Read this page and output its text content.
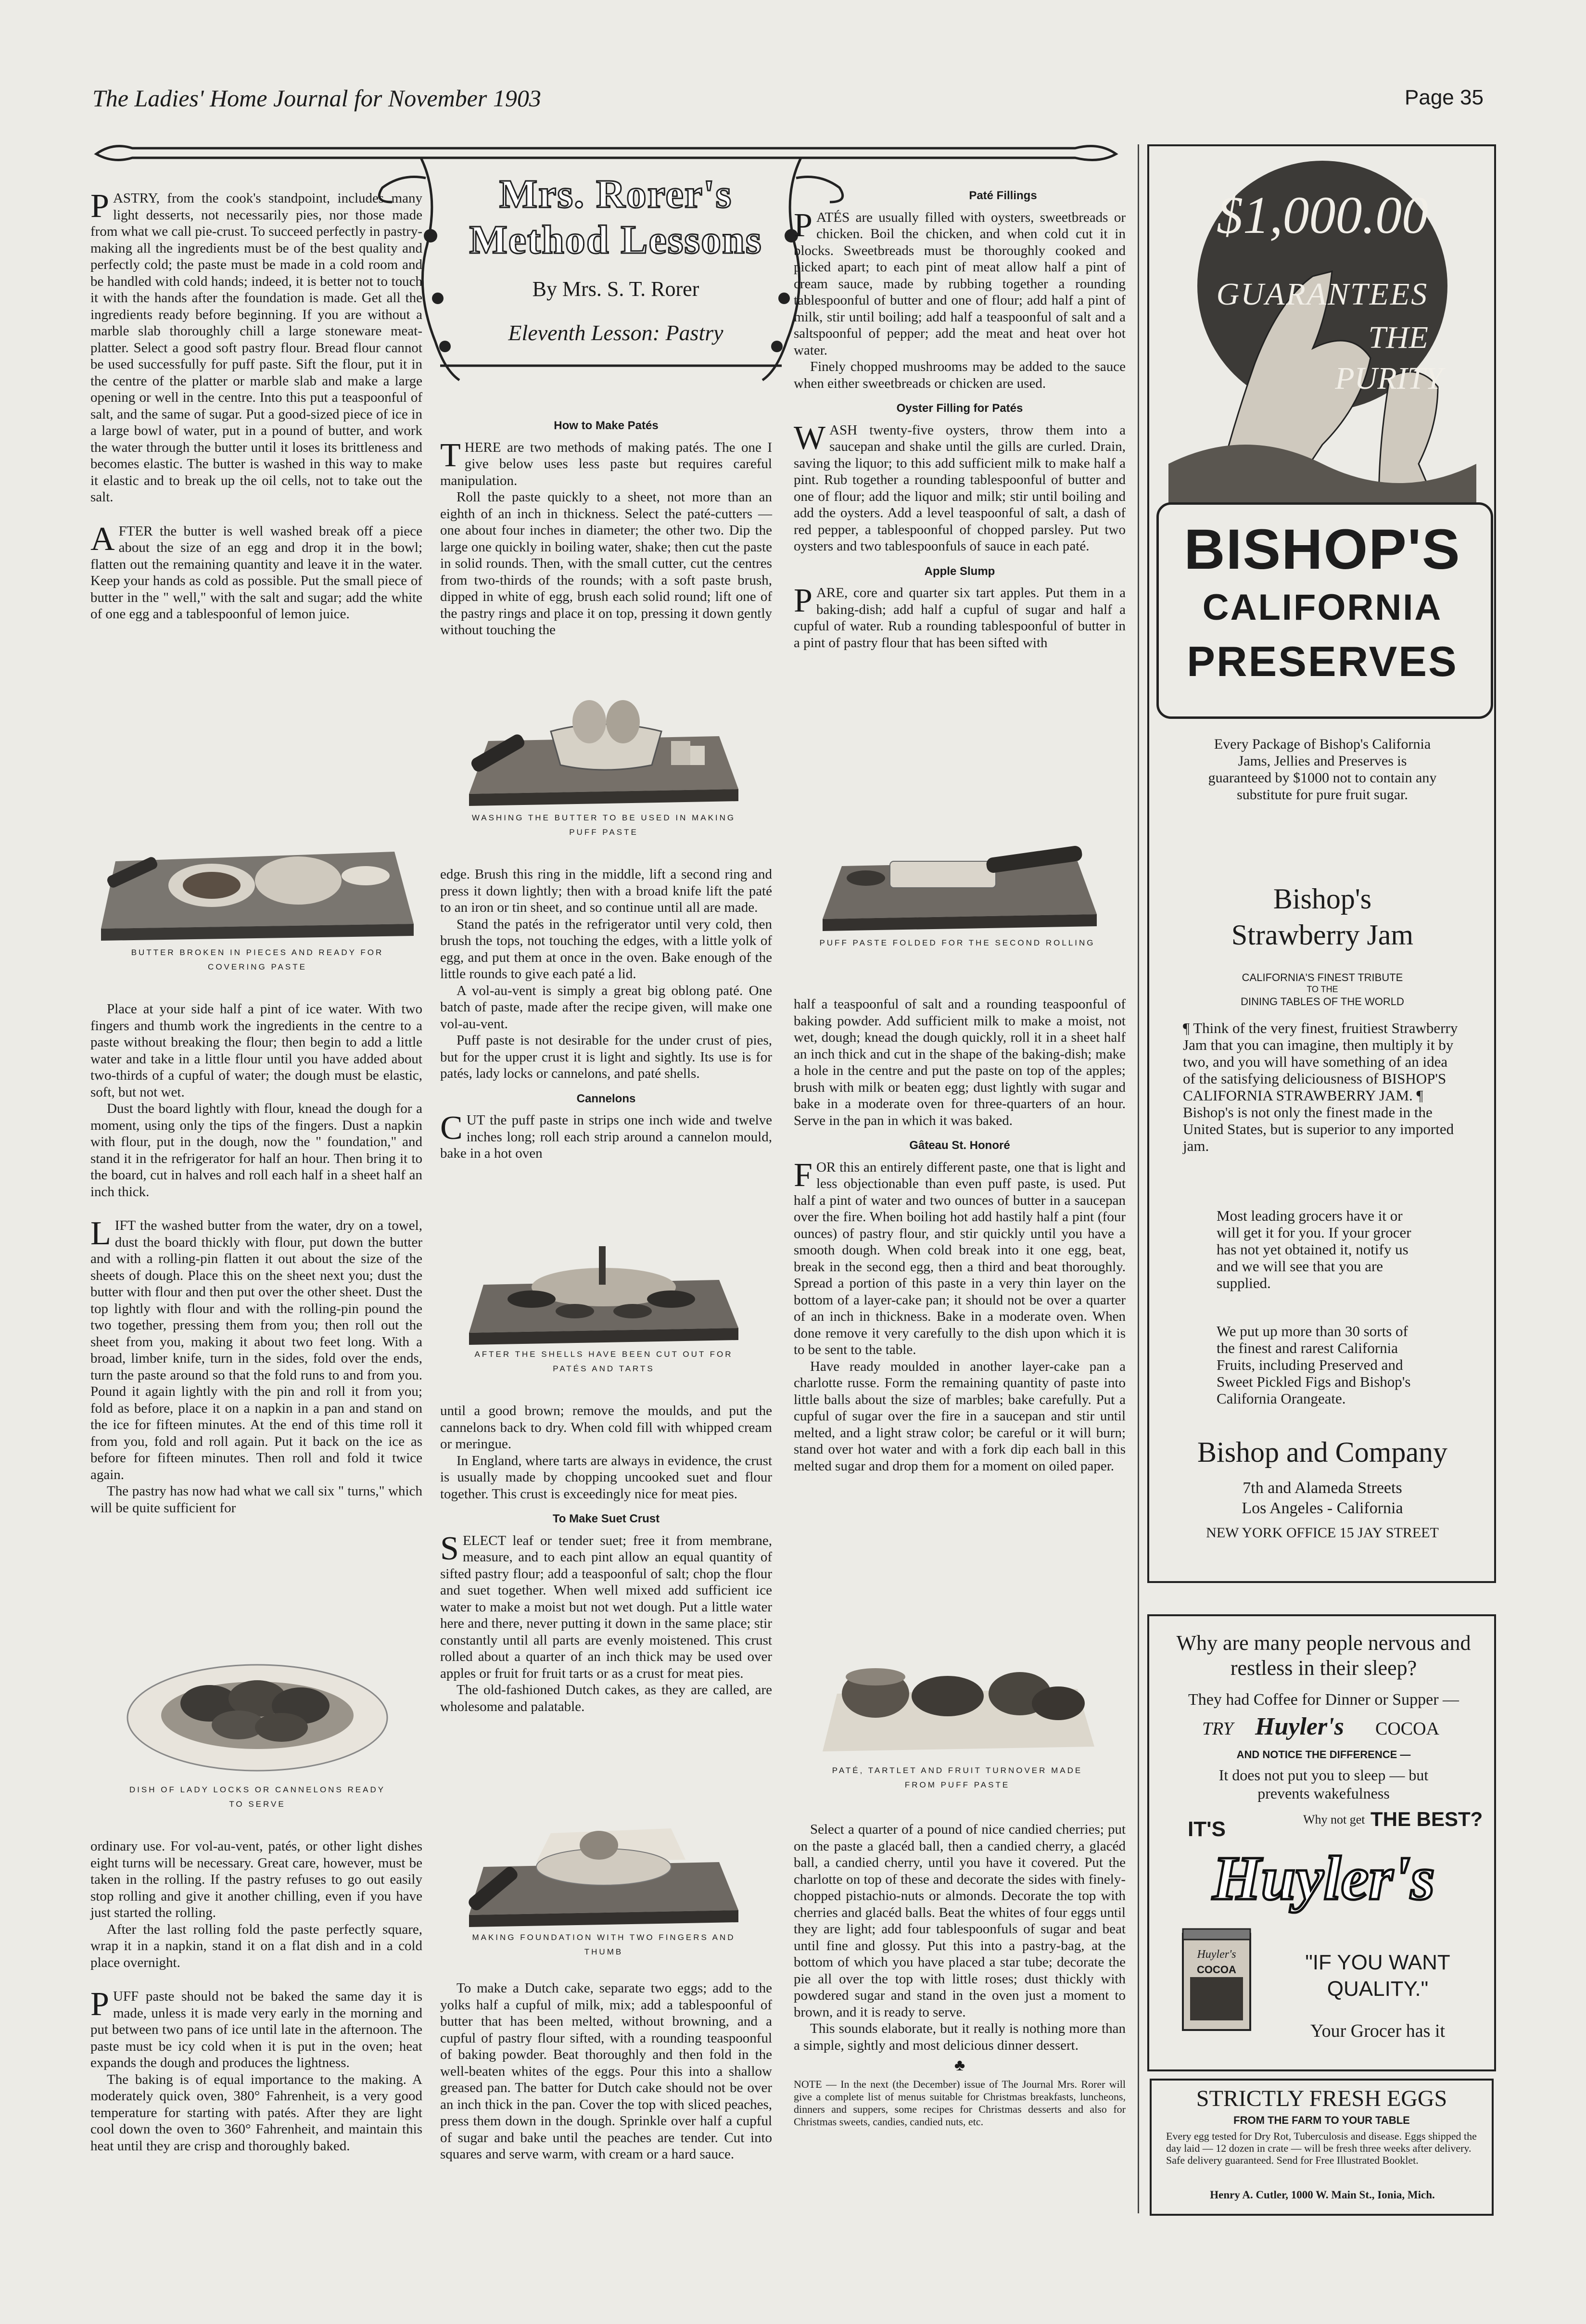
The Ladies' Home Journal for November 1903	Page 35
Mrs. Rorer's
Method Lessons
By Mrs. S. T. Rorer
Eleventh Lesson: Pastry

PASTRY, from the cook's standpoint, includes many light desserts, not necessarily pies, nor those made from what we call pie-crust. To succeed perfectly in pastry-making all the ingredients must be of the best quality and perfectly cold; the paste must be made in a cold room and be handled with cold hands; indeed, it is better not to touch it with the hands after the foundation is made. Get all the ingredients ready before beginning. If you are without a marble slab thoroughly chill a large stoneware meat-platter. Select a good soft pastry flour. Bread flour cannot be used successfully for puff paste. Sift the flour, put it in the centre of the platter or marble slab and make a large opening or well in the centre. Into this put a teaspoonful of salt, and the same of sugar. Put a good-sized piece of ice in a large bowl of water, put in a pound of butter, and work the water through the butter until it loses its brittleness and becomes elastic. The butter is washed in this way to make it elastic and to break up the oil cells, not to take out the salt.

AFTER the butter is well washed break off a piece about the size of an egg and drop it in the bowl; flatten out the remaining quantity and leave it in the water. Keep your hands as cold as possible. Put the small piece of butter in the " well," with the salt and sugar; add the white of one egg and a tablespoonful of lemon juice.

BUTTER BROKEN IN PIECES AND READY FOR COVERING PASTE

Place at your side half a pint of ice water. With two fingers and thumb work the ingredients in the centre to a paste without breaking the flour; then begin to add a little water and take in a little flour until you have added about two-thirds of a cupful of water; the dough must be elastic, soft, but not wet.

Dust the board lightly with flour, knead the dough for a moment, using only the tips of the fingers. Dust a napkin with flour, put in the dough, now the " foundation," and stand it in the refrigerator for half an hour. Then bring it to the board, cut in halves and roll each half in a sheet half an inch thick.

LIFT the washed butter from the water, dry on a towel, dust the board thickly with flour, put down the butter and with a rolling-pin flatten it out about the size of the sheets of dough. Place this on the sheet next you; dust the butter with flour and then put over the other sheet. Dust the top lightly with flour and with the rolling-pin pound the two together, pressing them from you; then roll out the sheet from you, making it about two feet long. With a broad, limber knife, turn in the sides, fold over the ends, turn the paste around so that the fold runs to and from you. Pound it again lightly with the pin and roll it from you; fold as before, place it on a napkin in a pan and stand on the ice for fifteen minutes. At the end of this time roll it from you, fold and roll again. Put it back on the ice as before for fifteen minutes. Then roll and fold it twice again.

The pastry has now had what we call six " turns," which will be quite sufficient for

DISH OF LADY LOCKS OR CANNELONS READY TO SERVE

ordinary use. For vol-au-vent, patés, or other light dishes eight turns will be necessary. Great care, however, must be taken in the rolling. If the pastry refuses to go out easily stop rolling and give it another chilling, even if you have just started the rolling.

After the last rolling fold the paste perfectly square, wrap it in a napkin, stand it on a flat dish and in a cold place overnight.

PUFF paste should not be baked the same day it is made, unless it is made very early in the morning and put between two pans of ice until late in the afternoon. The paste must be icy cold when it is put in the oven; heat expands the dough and produces the lightness.

The baking is of equal importance to the making. A moderately quick oven, 380° Fahrenheit, is a very good temperature for starting with patés. After they are light cool down the oven to 360° Fahrenheit, and maintain this heat until they are crisp and thoroughly baked.

How to Make Patés

THERE are two methods of making patés. The one I give below uses less paste but requires careful manipulation.

Roll the paste quickly to a sheet, not more than an eighth of an inch in thickness. Select the paté-cutters — one about four inches in diameter; the other two. Dip the large one quickly in boiling water, shake; then cut the paste in solid rounds. Then, with the small cutter, cut the centres from two-thirds of the rounds; with a soft paste brush, dipped in white of egg, brush each solid round; lift one of the pastry rings and place it on top, pressing it down gently without touching the

WASHING THE BUTTER TO BE USED IN MAKING PUFF PASTE

edge. Brush this ring in the middle, lift a second ring and press it down lightly; then with a broad knife lift the paté to an iron or tin sheet, and so continue until all are made.

Stand the patés in the refrigerator until very cold, then brush the tops, not touching the edges, with a little yolk of egg, and put them at once in the oven. Bake enough of the little rounds to give each paté a lid.

A vol-au-vent is simply a great big oblong paté. One batch of paste, made after the recipe given, will make one vol-au-vent.

Puff paste is not desirable for the under crust of pies, but for the upper crust it is light and sightly. Its use is for patés, lady locks or cannelons, and paté shells.

Cannelons

CUT the puff paste in strips one inch wide and twelve inches long; roll each strip around a cannelon mould, bake in a hot oven

AFTER THE SHELLS HAVE BEEN CUT OUT FOR PATÉS AND TARTS

until a good brown; remove the moulds, and put the cannelons back to dry. When cold fill with whipped cream or meringue.

In England, where tarts are always in evidence, the crust is usually made by chopping uncooked suet and flour together. This crust is exceedingly nice for meat pies.

To Make Suet Crust

SELECT leaf or tender suet; free it from membrane, measure, and to each pint allow an equal quantity of sifted pastry flour; add a teaspoonful of salt; chop the flour and suet together. When well mixed add sufficient ice water to make a moist but not wet dough. Put a little water here and there, never putting it down in the same place; stir constantly until all parts are evenly moistened. This crust rolled about a quarter of an inch thick may be used over apples or fruit for fruit tarts or as a crust for meat pies.

The old-fashioned Dutch cakes, as they are called, are wholesome and palatable.

MAKING FOUNDATION WITH TWO FINGERS AND THUMB

To make a Dutch cake, separate two eggs; add to the yolks half a cupful of milk, mix; add a tablespoonful of butter that has been melted, without browning, and a cupful of pastry flour sifted, with a rounding teaspoonful of baking powder. Beat thoroughly and then fold in the well-beaten whites of the eggs. Pour this into a shallow greased pan. The batter for Dutch cake should not be over an inch thick in the pan. Cover the top with sliced peaches, press them down in the dough. Sprinkle over half a cupful of sugar and bake until the peaches are tender. Cut into squares and serve warm, with cream or a hard sauce.

Paté Fillings

PATÉS are usually filled with oysters, sweetbreads or chicken. Boil the chicken, and when cold cut it in blocks. Sweetbreads must be thoroughly cooked and picked apart; to each pint of meat allow half a pint of cream sauce, made by rubbing together a rounding tablespoonful of butter and one of flour; add half a pint of milk, stir until boiling; add half a teaspoonful of salt and a saltspoonful of pepper; add the meat and heat over hot water.

Finely chopped mushrooms may be added to the sauce when either sweetbreads or chicken are used.

Oyster Filling for Patés

WASH twenty-five oysters, throw them into a saucepan and shake until the gills are curled. Drain, saving the liquor; to this add sufficient milk to make half a pint. Rub together a rounding tablespoonful of butter and one of flour; add the liquor and milk; stir until boiling and add the oysters. Add a level teaspoonful of salt, a dash of red pepper, a tablespoonful of chopped parsley. Put two oysters and two tablespoonfuls of sauce in each paté.

Apple Slump

PARE, core and quarter six tart apples. Put them in a baking-dish; add half a cupful of sugar and half a cupful of water. Rub a rounding tablespoonful of butter in a pint of pastry flour that has been sifted with

PUFF PASTE FOLDED FOR THE SECOND ROLLING

half a teaspoonful of salt and a rounding teaspoonful of baking powder. Add sufficient milk to make a moist, not wet, dough; knead the dough quickly, roll it in a sheet half an inch thick and cut in the shape of the baking-dish; make a hole in the centre and put the paste on top of the apples; brush with milk or beaten egg; dust lightly with sugar and bake in a moderate oven for three-quarters of an hour. Serve in the pan in which it was baked.

Gâteau St. Honoré

FOR this an entirely different paste, one that is light and less objectionable than even puff paste, is used. Put half a pint of water and two ounces of butter in a saucepan over the fire. When boiling hot add hastily half a pint (four ounces) of pastry flour, and stir quickly until you have a smooth dough. When cold break into it one egg, beat, break in the second egg, then a third and beat thoroughly. Spread a portion of this paste in a very thin layer on the bottom of a layer-cake pan; it should not be over a quarter of an inch in thickness. Bake in a moderate oven. When done remove it very carefully to the dish upon which it is to be sent to the table.

Have ready moulded in another layer-cake pan a charlotte russe. Form the remaining quantity of paste into little balls about the size of marbles; bake carefully. Put a cupful of sugar over the fire in a saucepan and stir until melted, and a light straw color; be careful or it will burn; stand over hot water and with a fork dip each ball in this melted sugar and drop them for a moment on oiled paper.

PATÉ, TARTLET AND FRUIT TURNOVER MADE FROM PUFF PASTE

Select a quarter of a pound of nice candied cherries; put on the paste a glacéd ball, then a candied cherry, a glacéd ball, a candied cherry, until you have it covered. Put the charlotte on top of these and decorate the sides with finely-chopped pistachio-nuts or almonds. Decorate the top with cherries and glacéd balls. Beat the whites of four eggs until they are light; add four tablespoonfuls of sugar and beat until fine and glossy. Put this into a pastry-bag, at the bottom of which you have placed a star tube; decorate the pie all over the top with little roses; dust thickly with powdered sugar and stand in the oven just a moment to brown, and it is ready to serve.

This sounds elaborate, but it really is nothing more than a simple, sightly and most delicious dinner dessert.

♣
NOTE — In the next (the December) issue of The Journal Mrs. Rorer will give a complete list of menus suitable for Christmas breakfasts, luncheons, dinners and suppers, some recipes for Christmas desserts and also for Christmas sweets, candies, candied nuts, etc.
$1,000.00
GUARANTEES
THE
PURITY
BISHOP'S
CALIFORNIA
PRESERVES
Every Package of Bishop's California Jams, Jellies and Preserves is guaranteed by $1000 not to contain any substitute for pure fruit sugar.
Bishop's
Strawberry Jam
CALIFORNIA'S FINEST TRIBUTE
TO THE
DINING TABLES OF THE WORLD
¶ Think of the very finest, fruitiest Strawberry Jam that you can imagine, then multiply it by two, and you will have something of an idea of the satisfying deliciousness of BISHOP'S CALIFORNIA STRAWBERRY JAM. ¶ Bishop's is not only the finest made in the United States, but is superior to any imported jam.
Most leading grocers have it or will get it for you. If your grocer has not yet obtained it, notify us and we will see that you are supplied.
We put up more than 30 sorts of the finest and rarest California Fruits, including Preserved and Sweet Pickled Figs and Bishop's California Orangeate.
Bishop and Company
7th and Alameda Streets
Los Angeles - California
NEW YORK OFFICE 15 JAY STREET
Why are many people nervous and restless in their sleep?
They had Coffee for Dinner or Supper —
TRY Huyler's COCOA
AND NOTICE THE DIFFERENCE —
It does not put you to sleep — but
prevents wakefulness
IT'S	Why not get THE BEST?
Huyler's
Huyler's
COCOA	"IF YOU WANT
QUALITY."
Your Grocer has it
STRICTLY FRESH EGGS
FROM THE FARM TO YOUR TABLE
Every egg tested for Dry Rot, Tuberculosis and disease. Eggs shipped the day laid — 12 dozen in crate — will be fresh three weeks after delivery. Safe delivery guaranteed. Send for Free Illustrated Booklet.
Henry A. Cutler, 1000 W. Main St., Ionia, Mich.
